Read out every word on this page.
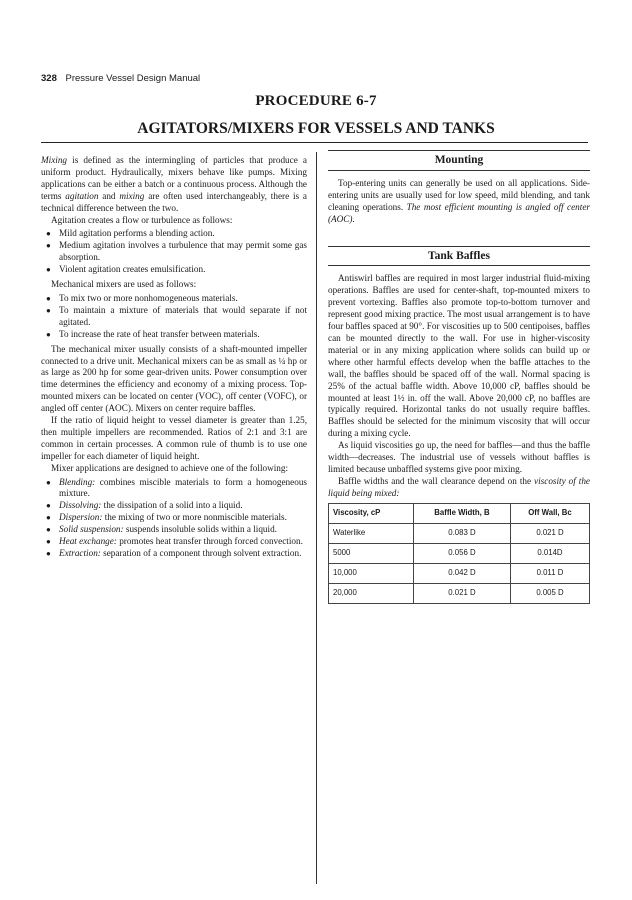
328 Pressure Vessel Design Manual
PROCEDURE 6-7
AGITATORS/MIXERS FOR VESSELS AND TANKS

Mixing is defined as the intermingling of particles that produce a uniform product. Hydraulically, mixers behave like pumps. Mixing applications can be either a batch or a continuous process. Although the terms agitation and mixing are often used interchangeably, there is a technical difference between the two.

Agitation creates a flow or turbulence as follows:

● Mild agitation performs a blending action.
● Medium agitation involves a turbulence that may permit some gas absorption.
● Violent agitation creates emulsification.

Mechanical mixers are used as follows:

● To mix two or more nonhomogeneous materials.
● To maintain a mixture of materials that would separate if not agitated.
● To increase the rate of heat transfer between materials.

The mechanical mixer usually consists of a shaft-mounted impeller connected to a drive unit. Mechanical mixers can be as small as ¼ hp or as large as 200 hp for some gear-driven units. Power consumption over time determines the efficiency and economy of a mixing process. Top-mounted mixers can be located on center (VOC), off center (VOFC), or angled off center (AOC). Mixers on center require baffles.

If the ratio of liquid height to vessel diameter is greater than 1.25, then multiple impellers are recommended. Ratios of 2:1 and 3:1 are common in certain processes. A common rule of thumb is to use one impeller for each diameter of liquid height.

Mixer applications are designed to achieve one of the following:

● Blending: combines miscible materials to form a homogeneous mixture.
● Dissolving: the dissipation of a solid into a liquid.
● Dispersion: the mixing of two or more nonmiscible materials.
● Solid suspension: suspends insoluble solids within a liquid.
● Heat exchange: promotes heat transfer through forced convection.
● Extraction: separation of a component through solvent extraction.
Mounting

Top-entering units can generally be used on all applications. Side-entering units are usually used for low speed, mild blending, and tank cleaning operations. The most efficient mounting is angled off center (AOC).

Tank Baffles

Antiswirl baffles are required in most larger industrial fluid-mixing operations. Baffles are used for center-shaft, top-mounted mixers to prevent vortexing. Baffles also promote top-to-bottom turnover and represent good mixing practice. The most usual arrangement is to have four baffles spaced at 90°. For viscosities up to 500 centipoises, baffles can be mounted directly to the wall. For use in higher-viscosity material or in any mixing application where solids can build up or where other harmful effects develop when the baffle attaches to the wall, the baffles should be spaced off of the wall. Normal spacing is 25% of the actual baffle width. Above 10,000 cP, baffles should be mounted at least 1½ in. off the wall. Above 20,000 cP, no baffles are typically required. Horizontal tanks do not usually require baffles. Baffles should be selected for the minimum viscosity that will occur during a mixing cycle.

As liquid viscosities go up, the need for baffles—and thus the baffle width—decreases. The industrial use of vessels without baffles is limited because unbaffled systems give poor mixing.

Baffle widths and the wall clearance depend on the viscosity of the liquid being mixed:

Viscosity, cP	Baffle Width, B	Off Wall, Bc
Waterlike	0.083 D	0.021 D
5000	0.056 D	0.014D
10,000	0.042 D	0.011 D
20,000	0.021 D	0.005 D
